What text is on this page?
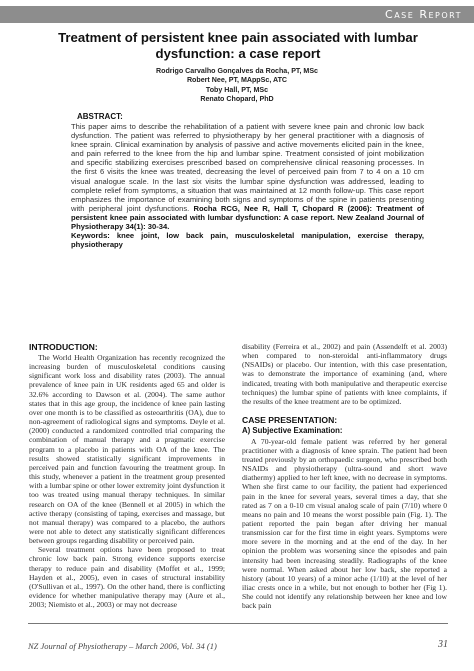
Case Report
Treatment of persistent knee pain associated with lumbar dysfunction: a case report
Rodrigo Carvalho Gonçalves da Rocha, PT, MSc
Robert Nee, PT, MAppSc, ATC
Toby Hall, PT, MSc
Renato Chopard, PhD
ABSTRACT:

This paper aims to describe the rehabilitation of a patient with severe knee pain and chronic low back dysfunction. The patient was referred to physiotherapy by her general practitioner with a diagnosis of knee sprain. Clinical examination by analysis of passive and active movements elicited pain in the knee, and pain referred to the knee from the hip and lumbar spine. Treatment consisted of joint mobilization and specific stabilizing exercises prescribed based on comprehensive clinical reasoning processes. In the first 6 visits the knee was treated, decreasing the level of perceived pain from 7 to 4 on a 10 cm visual analogue scale. In the last six visits the lumbar spine dysfunction was addressed, leading to complete relief from symptoms, a situation that was maintained at 12 month follow-up. This case report emphasizes the importance of examining both signs and symptoms of the spine in patients presenting with peripheral joint dysfunctions. Rocha RCG, Nee R, Hall T, Chopard R (2006): Treatment of persistent knee pain associated with lumbar dysfunction: A case report. New Zealand Journal of Physiotherapy 34(1): 30-34.

Keywords: knee joint, low back pain, musculoskeletal manipulation, exercise therapy, physiotherapy

INTRODUCTION:

The World Health Organization has recently recognized the increasing burden of musculoskeletal conditions causing significant work loss and disability rates (2003). The annual prevalence of knee pain in UK residents aged 65 and older is 32.6% according to Dawson et al. (2004). The same author states that in this age group, the incidence of knee pain lasting over one month is to be classified as osteoarthritis (OA), due to non-agreement of radiological signs and symptoms. Deyle et al. (2000) conducted a randomized controlled trial comparing the combination of manual therapy and a pragmatic exercise program to a placebo in patients with OA of the knee. The results showed statistically significant improvements in perceived pain and function favouring the treatment group. In this study, whenever a patient in the treatment group presented with a lumbar spine or other lower extremity joint dysfunction it too was treated using manual therapy techniques. In similar research on OA of the knee (Bennell et al 2005) in which the active therapy (consisting of taping, exercises and massage, but not manual therapy) was compared to a placebo, the authors were not able to detect any statistically significant differences between groups regarding disability or perceived pain.

Several treatment options have been proposed to treat chronic low back pain. Strong evidence supports exercise therapy to reduce pain and disability (Moffet et al., 1999; Hayden et al., 2005), even in cases of structural instability (O'Sullivan et al., 1997). On the other hand, there is conflicting evidence for whether manipulative therapy may (Aure et al., 2003; Niemisto et al., 2003) or may not decrease

disability (Ferreira et al., 2002) and pain (Assendelft et al. 2003) when compared to non-steroidal anti-inflammatory drugs (NSAIDs) or placebo. Our intention, with this case presentation, was to demonstrate the importance of examining (and, where indicated, treating with both manipulative and therapeutic exercise techniques) the lumbar spine of patients with knee complaints, if the results of the knee treatment are to be optimized.

CASE PRESENTATION:
A) Subjective Examination:

A 70-year-old female patient was referred by her general practitioner with a diagnosis of knee sprain. The patient had been treated previously by an orthopaedic surgeon, who prescribed both NSAIDs and physiotherapy (ultra-sound and short wave diathermy) applied to her left knee, with no decrease in symptoms. When she first came to our facility, the patient had experienced pain in the knee for several years, several times a day, that she rated as 7 on a 0-10 cm visual analog scale of pain (7/10) where 0 means no pain and 10 means the worst possible pain (Fig. 1). The patient reported the pain began after driving her manual transmission car for the first time in eight years. Symptoms were more severe in the morning and at the end of the day. In her opinion the problem was worsening since the episodes and pain intensity had been increasing steadily. Radiographs of the knee were normal. When asked about her low back, she reported a history (about 10 years) of a minor ache (1/10) at the level of her iliac crests once in a while, but not enough to bother her (Fig 1). She could not identify any relationship between her knee and low back pain

NZ Journal of Physiotherapy – March 2006, Vol. 34 (1)	31
